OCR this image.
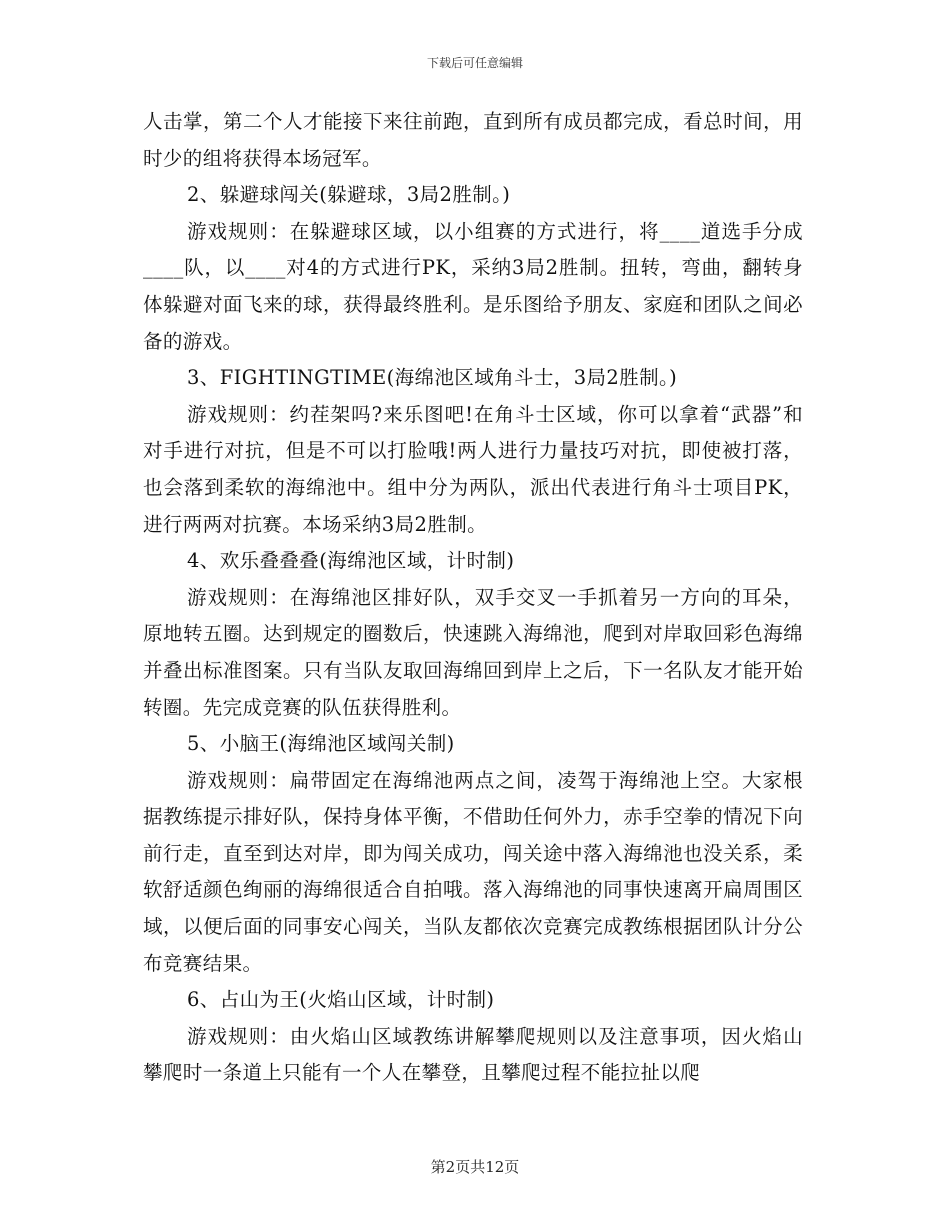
下载后可任意编辑

人击掌，第二个人才能接下来往前跑，直到所有成员都完成，看总时间，用时少的组将获得本场冠军。

2、躲避球闯关(躲避球，3局2胜制。)

游戏规则：在躲避球区域，以小组赛的方式进行，将____道选手分成____队，以____对4的方式进行PK，采纳3局2胜制。扭转，弯曲，翻转身体躲避对面飞来的球，获得最终胜利。是乐图给予朋友、家庭和团队之间必备的游戏。

3、FIGHTINGTIME(海绵池区域角斗士，3局2胜制。)

游戏规则：约茬架吗?来乐图吧!在角斗士区域，你可以拿着“武器”和对手进行对抗，但是不可以打脸哦!两人进行力量技巧对抗，即使被打落，也会落到柔软的海绵池中。组中分为两队，派出代表进行角斗士项目PK，进行两两对抗赛。本场采纳3局2胜制。

4、欢乐叠叠叠(海绵池区域，计时制)

游戏规则：在海绵池区排好队，双手交叉一手抓着另一方向的耳朵，原地转五圈。达到规定的圈数后，快速跳入海绵池，爬到对岸取回彩色海绵并叠出标准图案。只有当队友取回海绵回到岸上之后，下一名队友才能开始转圈。先完成竞赛的队伍获得胜利。

5、小脑王(海绵池区域闯关制)

游戏规则：扁带固定在海绵池两点之间，凌驾于海绵池上空。大家根据教练提示排好队，保持身体平衡，不借助任何外力，赤手空拳的情况下向前行走，直至到达对岸，即为闯关成功，闯关途中落入海绵池也没关系，柔软舒适颜色绚丽的海绵很适合自拍哦。落入海绵池的同事快速离开扁周围区域，以便后面的同事安心闯关，当队友都依次竞赛完成教练根据团队计分公布竞赛结果。

6、占山为王(火焰山区域，计时制)

游戏规则：由火焰山区域教练讲解攀爬规则以及注意事项，因火焰山攀爬时一条道上只能有一个人在攀登，且攀爬过程不能拉扯以爬

第2页共12页
